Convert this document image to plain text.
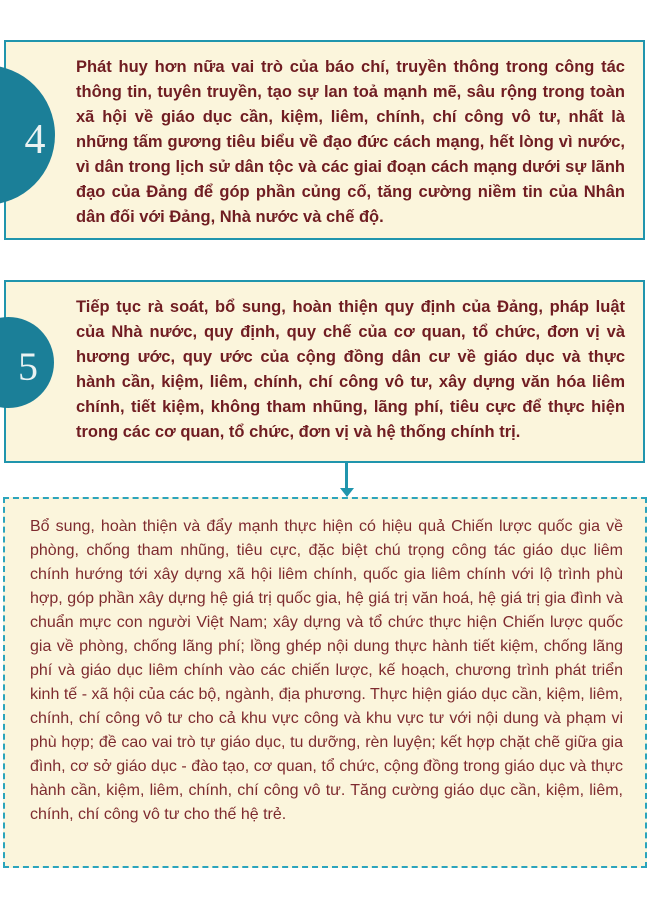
Phát huy hơn nữa vai trò của báo chí, truyền thông trong công tác thông tin, tuyên truyền, tạo sự lan toả mạnh mẽ, sâu rộng trong toàn xã hội về giáo dục cần, kiệm, liêm, chính, chí công vô tư, nhất là những tấm gương tiêu biểu về đạo đức cách mạng, hết lòng vì nước, vì dân trong lịch sử dân tộc và các giai đoạn cách mạng dưới sự lãnh đạo của Đảng để góp phần củng cố, tăng cường niềm tin của Nhân dân đối với Đảng, Nhà nước và chế độ.

4

Tiếp tục rà soát, bổ sung, hoàn thiện quy định của Đảng, pháp luật của Nhà nước, quy định, quy chế của cơ quan, tổ chức, đơn vị và hương ước, quy ước của cộng đồng dân cư về giáo dục và thực hành cần, kiệm, liêm, chính, chí công vô tư, xây dựng văn hóa liêm chính, tiết kiệm, không tham nhũng, lãng phí, tiêu cực để thực hiện trong các cơ quan, tổ chức, đơn vị và hệ thống chính trị.

5

Bổ sung, hoàn thiện và đẩy mạnh thực hiện có hiệu quả Chiến lược quốc gia về phòng, chống tham nhũng, tiêu cực, đặc biệt chú trọng công tác giáo dục liêm chính hướng tới xây dựng xã hội liêm chính, quốc gia liêm chính với lộ trình phù hợp, góp phần xây dựng hệ giá trị quốc gia, hệ giá trị văn hoá, hệ giá trị gia đình và chuẩn mực con người Việt Nam; xây dựng và tổ chức thực hiện Chiến lược quốc gia về phòng, chống lãng phí; lồng ghép nội dung thực hành tiết kiệm, chống lãng phí và giáo dục liêm chính vào các chiến lược, kế hoạch, chương trình phát triển kinh tế - xã hội của các bộ, ngành, địa phương. Thực hiện giáo dục cần, kiệm, liêm, chính, chí công vô tư cho cả khu vực công và khu vực tư với nội dung và phạm vi phù hợp; đề cao vai trò tự giáo dục, tu dưỡng, rèn luyện; kết hợp chặt chẽ giữa gia đình, cơ sở giáo dục - đào tạo, cơ quan, tổ chức, cộng đồng trong giáo dục và thực hành cần, kiệm, liêm, chính, chí công vô tư. Tăng cường giáo dục cần, kiệm, liêm, chính, chí công vô tư cho thế hệ trẻ.
